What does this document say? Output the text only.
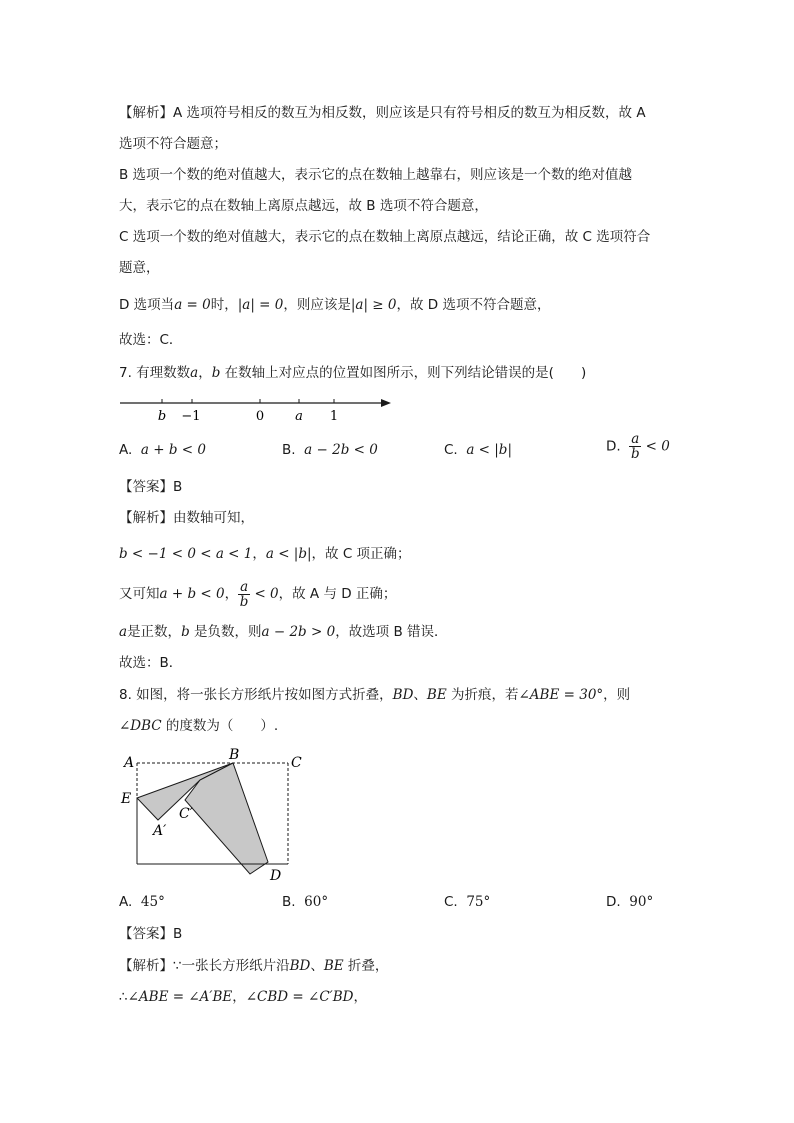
【解析】A 选项符号相反的数互为相反数，则应该是只有符号相反的数互为相反数，故 A
选项不符合题意；
B 选项一个数的绝对值越大，表示它的点在数轴上越靠右，则应该是一个数的绝对值越
大，表示它的点在数轴上离原点越远，故 B 选项不符合题意，
C 选项一个数的绝对值越大，表示它的点在数轴上离原点越远，结论正确，故 C 选项符合
题意，
D 选项当a = 0时，|a| = 0，则应该是|a| ≥ 0，故 D 选项不符合题意，
故选：C．
7. 有理数数a，b 在数轴上对应点的位置如图所示，则下列结论错误的是(　　)
b −1	0 a 1
A. a + b < 0	B. a − 2b < 0	C. a < |b|	D. $\frac{a}{b} < 0$
【答案】B
【解析】由数轴可知，
b < −1 < 0 < a < 1，a < |b|，故 C 项正确；
又可知a + b < 0， $\frac{a}{b} < 0$，故 A 与 D 正确；
a是正数，b 是负数，则a − 2b > 0，故选项 B 错误．
故选：B．
8. 如图，将一张长方形纸片按如图方式折叠，BD、BE 为折痕，若∠ABE = 30°，则
∠DBC 的度数为（　　）.
A	B	C
E
C′
A′
D
A. 45°	B. 60°	C. 75°	D. 90°
【答案】B
【解析】∵一张长方形纸片沿BD、BE 折叠，
∴∠ABE = ∠A′BE，∠CBD = ∠C′BD，
